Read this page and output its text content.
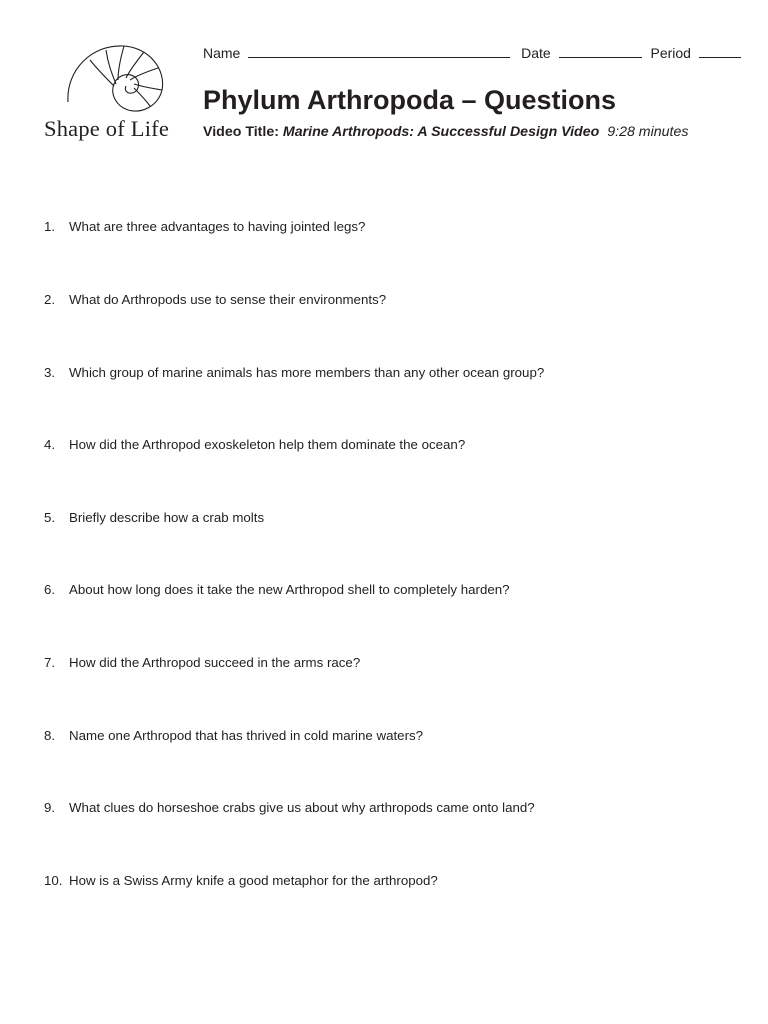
Shape of Life
Name	Date	Period
Phylum Arthropoda – Questions
Video Title: Marine Arthropods: A Successful Design Video 9:28 minutes
1. What are three advantages to having jointed legs?
2. What do Arthropods use to sense their environments?
3. Which group of marine animals has more members than any other ocean group?
4. How did the Arthropod exoskeleton help them dominate the ocean?
5. Briefly describe how a crab molts
6. About how long does it take the new Arthropod shell to completely harden?
7. How did the Arthropod succeed in the arms race?
8. Name one Arthropod that has thrived in cold marine waters?
9. What clues do horseshoe crabs give us about why arthropods came onto land?
10. How is a Swiss Army knife a good metaphor for the arthropod?
